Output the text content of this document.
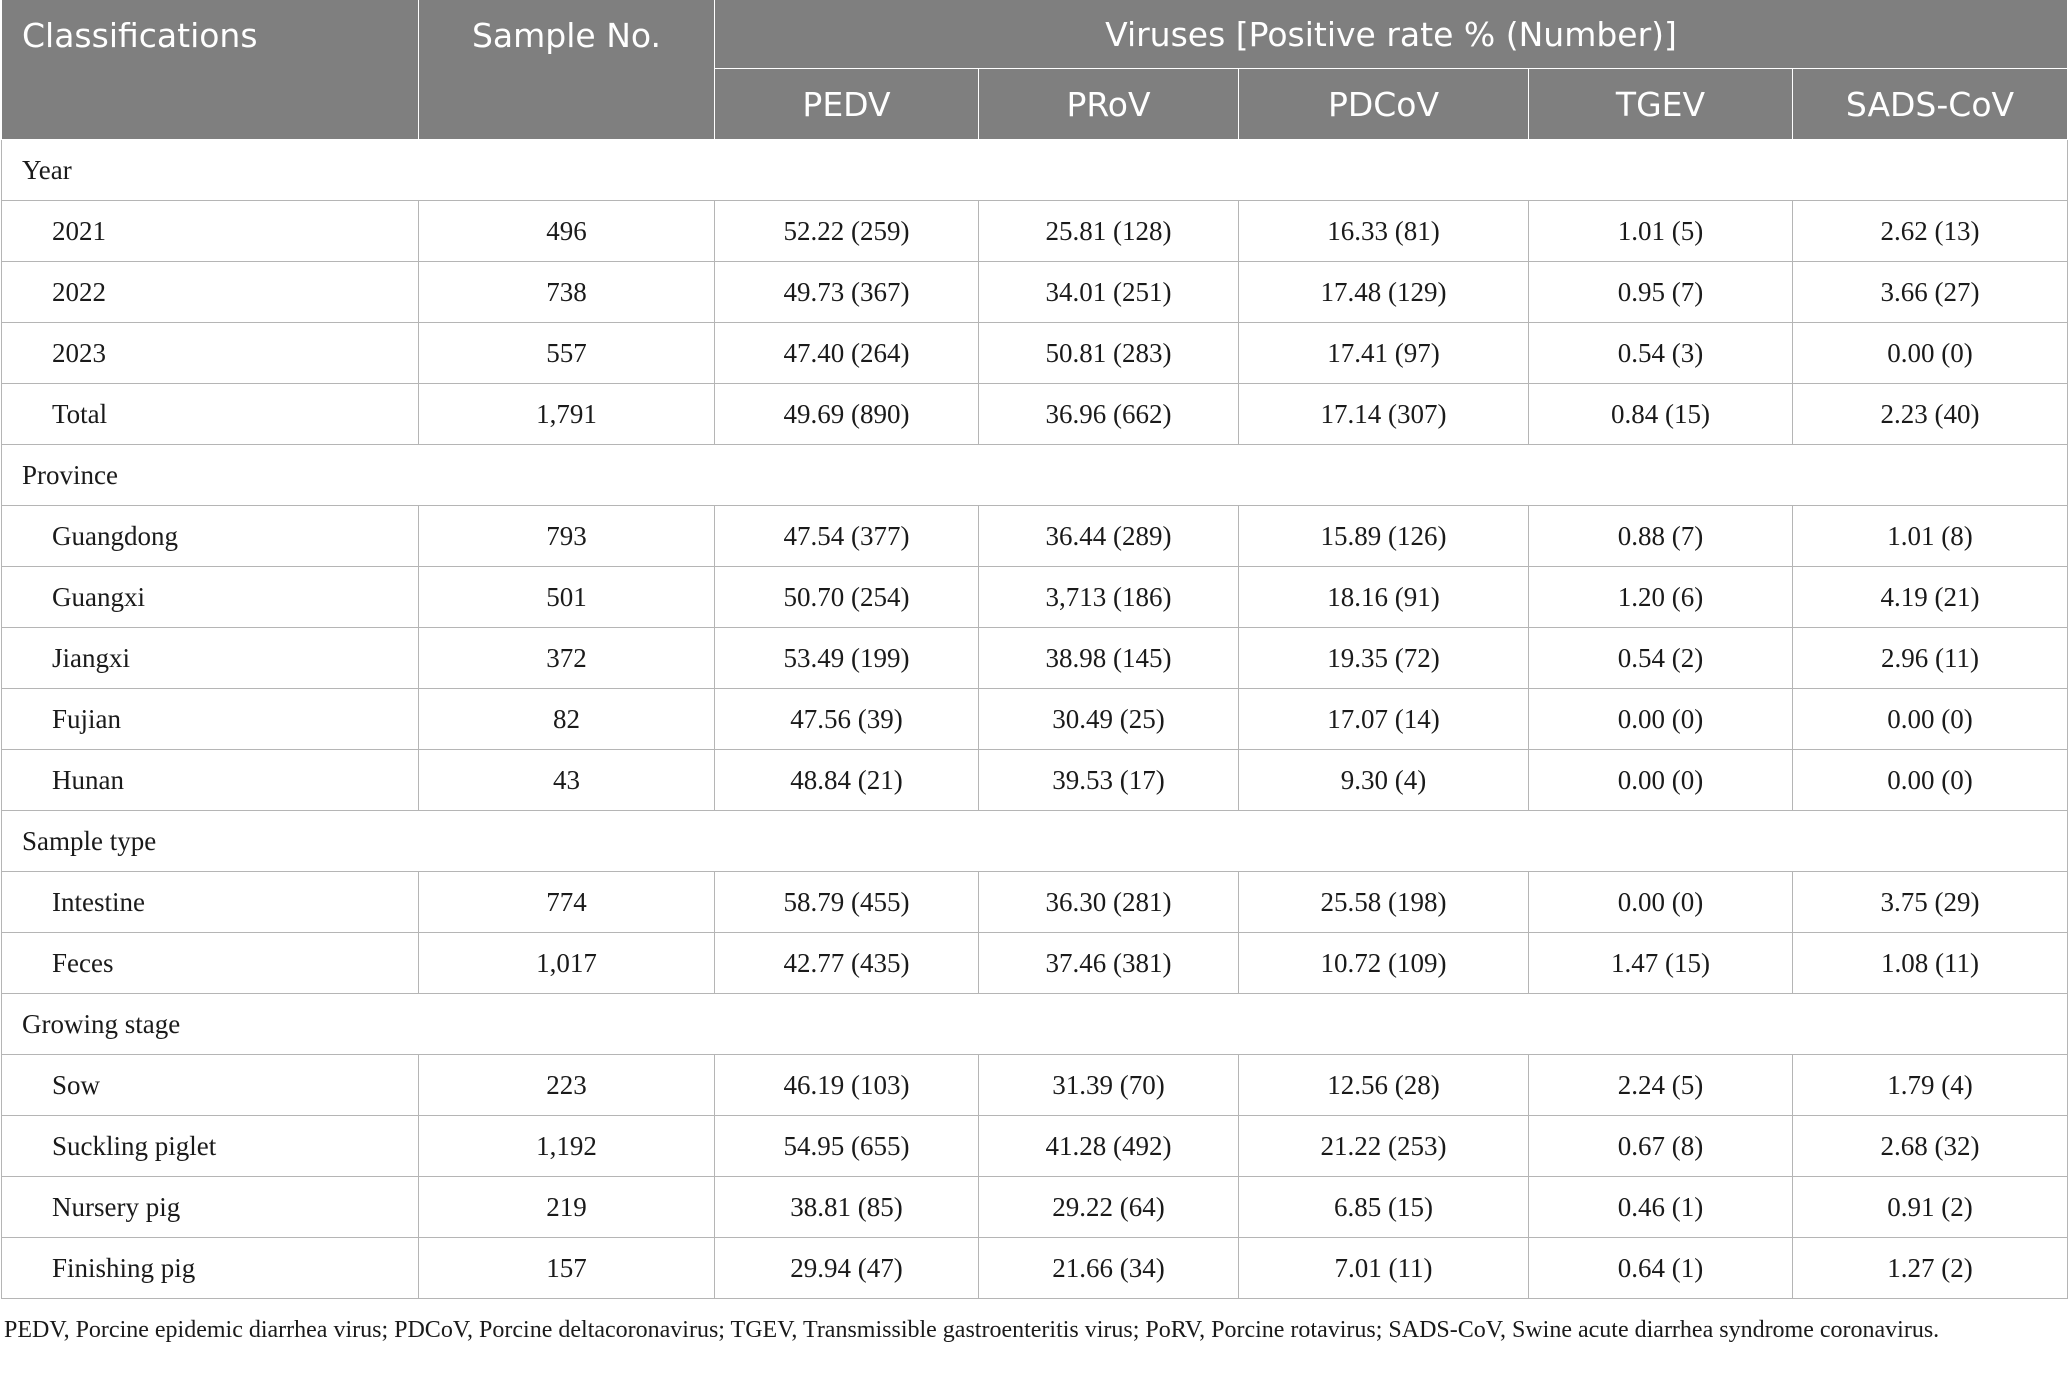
Classifications	Sample No.	Viruses [Positive rate % (Number)]				
		PEDV	PRoV	PDCoV	TGEV	SADS-CoV
Year						
2021	496	52.22 (259)	25.81 (128)	16.33 (81)	1.01 (5)	2.62 (13)
2022	738	49.73 (367)	34.01 (251)	17.48 (129)	0.95 (7)	3.66 (27)
2023	557	47.40 (264)	50.81 (283)	17.41 (97)	0.54 (3)	0.00 (0)
Total	1,791	49.69 (890)	36.96 (662)	17.14 (307)	0.84 (15)	2.23 (40)
Province						
Guangdong	793	47.54 (377)	36.44 (289)	15.89 (126)	0.88 (7)	1.01 (8)
Guangxi	501	50.70 (254)	3,713 (186)	18.16 (91)	1.20 (6)	4.19 (21)
Jiangxi	372	53.49 (199)	38.98 (145)	19.35 (72)	0.54 (2)	2.96 (11)
Fujian	82	47.56 (39)	30.49 (25)	17.07 (14)	0.00 (0)	0.00 (0)
Hunan	43	48.84 (21)	39.53 (17)	9.30 (4)	0.00 (0)	0.00 (0)
Sample type						
Intestine	774	58.79 (455)	36.30 (281)	25.58 (198)	0.00 (0)	3.75 (29)
Feces	1,017	42.77 (435)	37.46 (381)	10.72 (109)	1.47 (15)	1.08 (11)
Growing stage						
Sow	223	46.19 (103)	31.39 (70)	12.56 (28)	2.24 (5)	1.79 (4)
Suckling piglet	1,192	54.95 (655)	41.28 (492)	21.22 (253)	0.67 (8)	2.68 (32)
Nursery pig	219	38.81 (85)	29.22 (64)	6.85 (15)	0.46 (1)	0.91 (2)
Finishing pig	157	29.94 (47)	21.66 (34)	7.01 (11)	0.64 (1)	1.27 (2)

PEDV, Porcine epidemic diarrhea virus; PDCoV, Porcine deltacoronavirus; TGEV, Transmissible gastroenteritis virus; PoRV, Porcine rotavirus; SADS-CoV, Swine acute diarrhea syndrome coronavirus.
